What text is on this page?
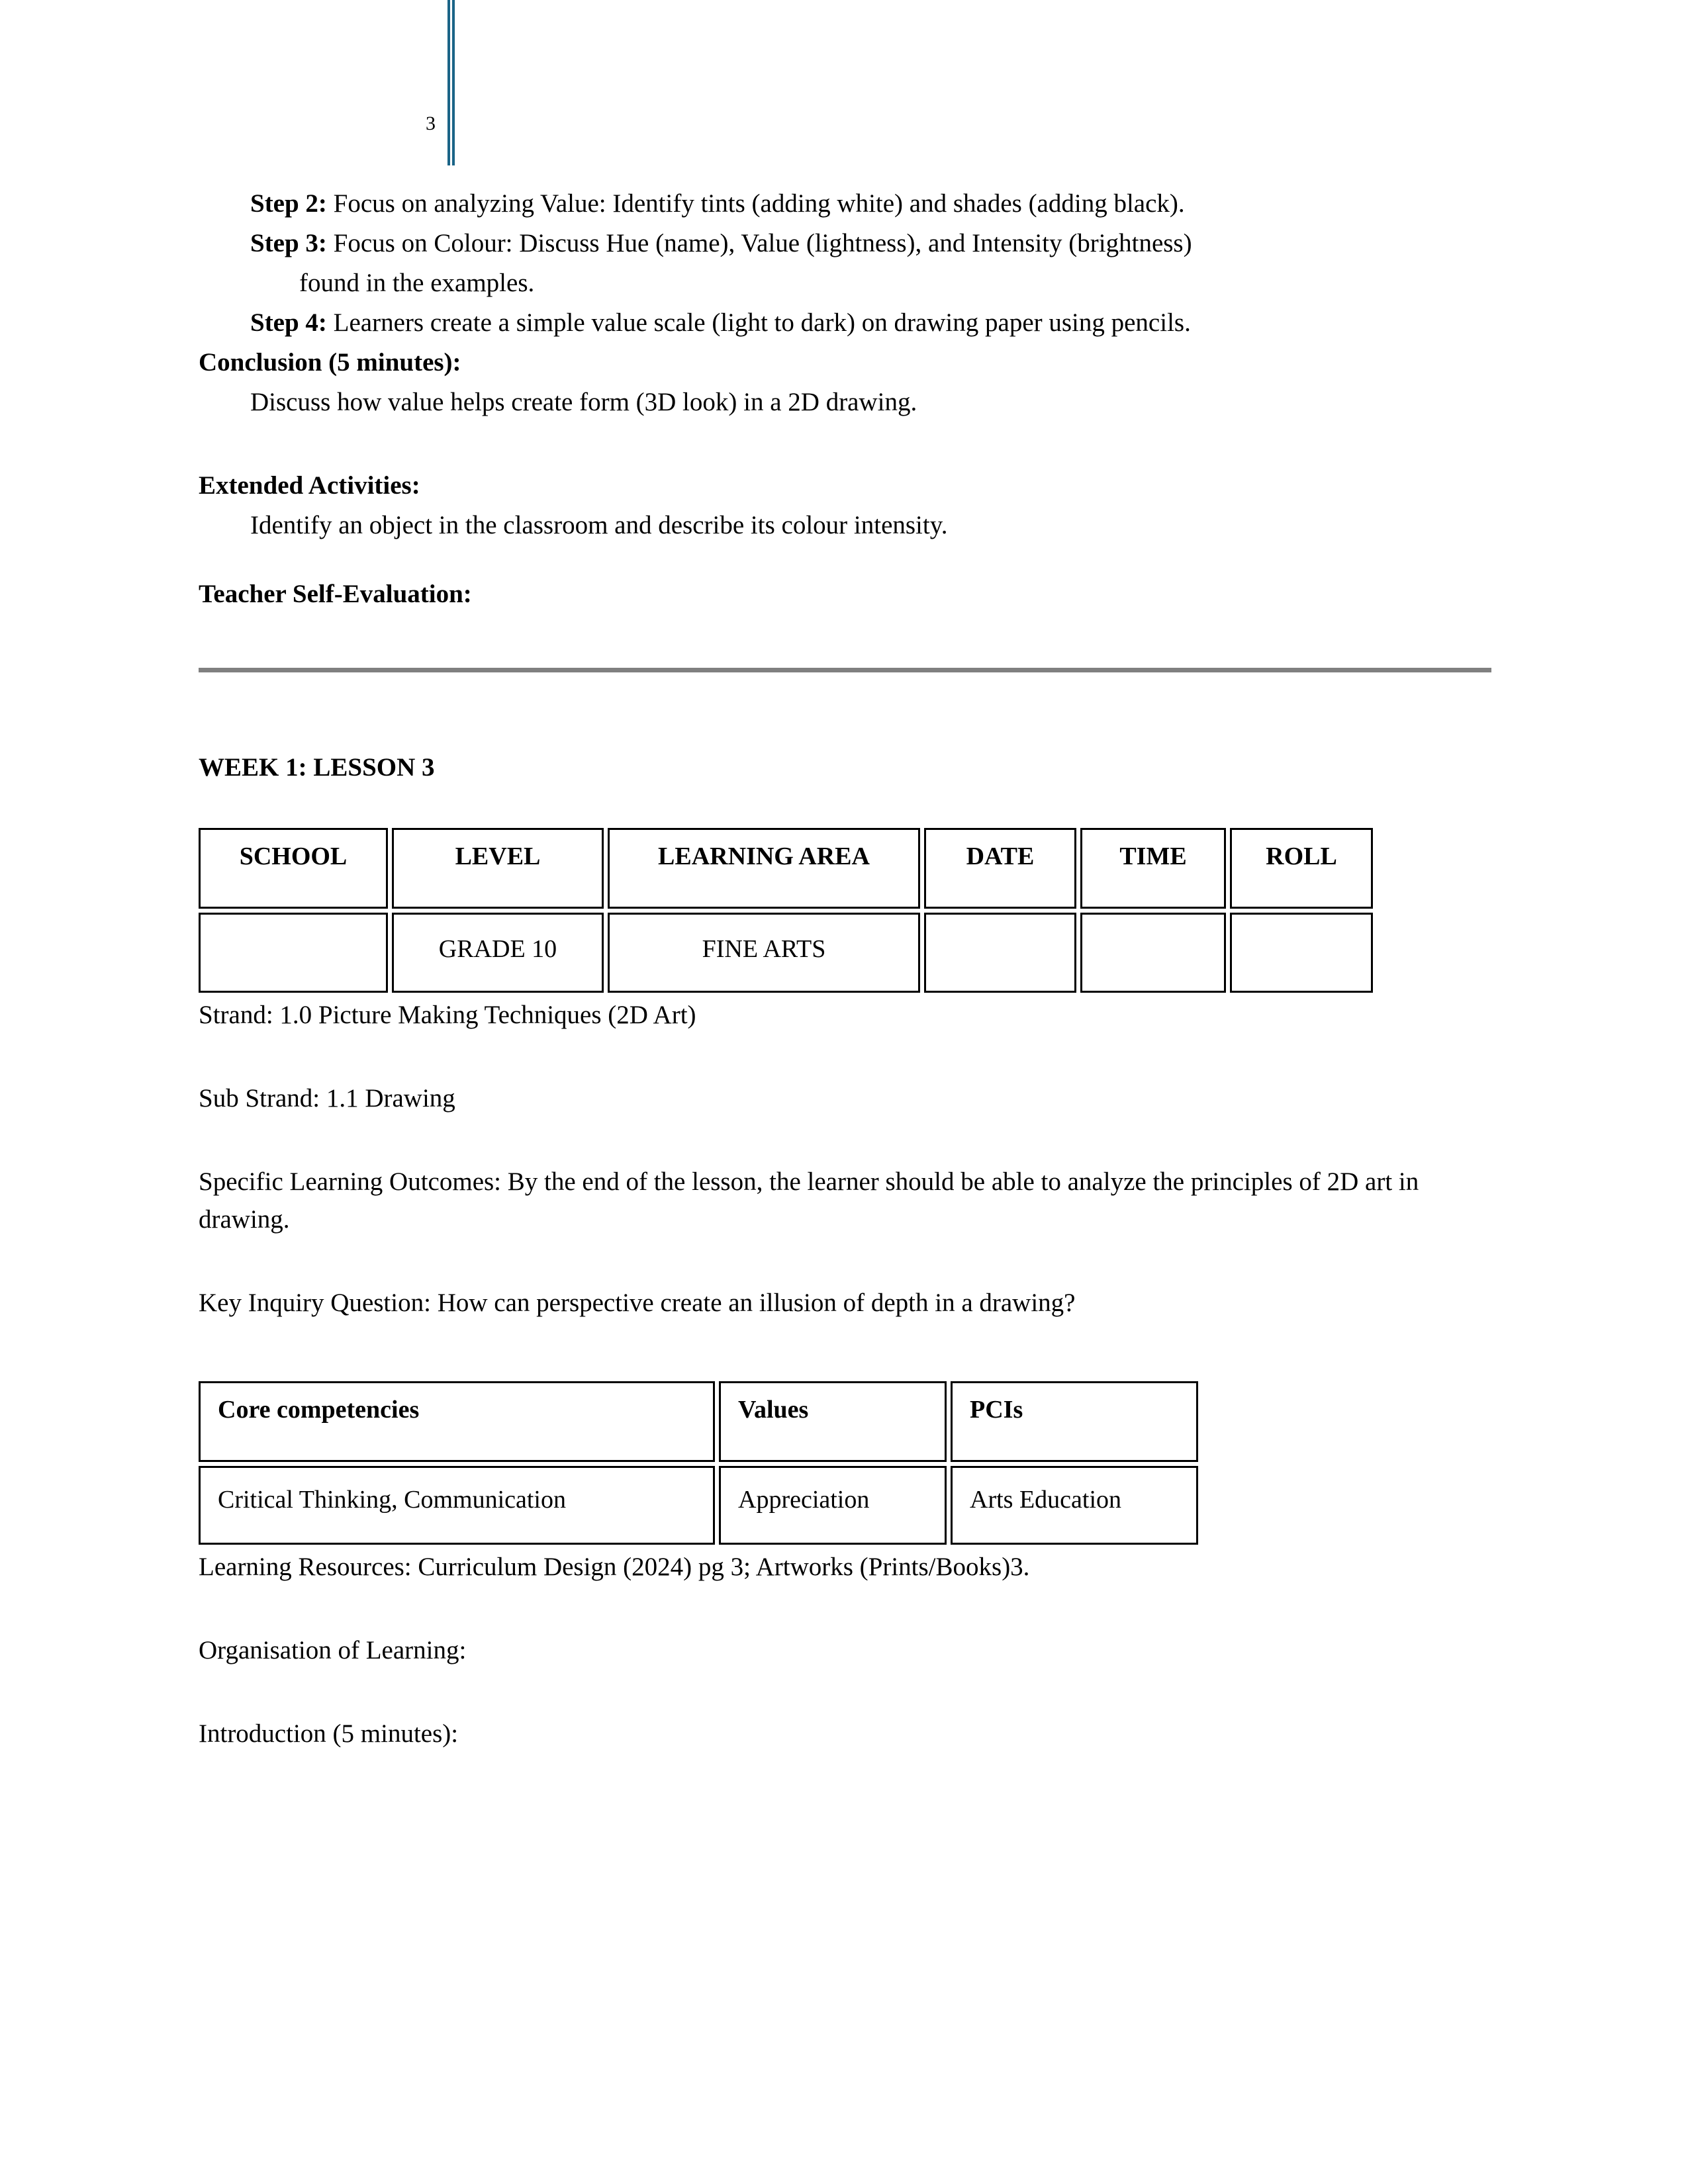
3

Step 2: Focus on analyzing Value: Identify tints (adding white) and shades (adding black).

Step 3: Focus on Colour: Discuss Hue (name), Value (lightness), and Intensity (brightness)

found in the examples.

Step 4: Learners create a simple value scale (light to dark) on drawing paper using pencils.

Conclusion (5 minutes):

Discuss how value helps create form (3D look) in a 2D drawing.

Extended Activities:

Identify an object in the classroom and describe its colour intensity.

Teacher Self-Evaluation:

WEEK 1: LESSON 3

SCHOOL	LEVEL	LEARNING AREA	DATE	TIME	ROLL
	GRADE 10	FINE ARTS			

Strand: 1.0 Picture Making Techniques (2D Art)

Sub Strand: 1.1 Drawing

Specific Learning Outcomes: By the end of the lesson, the learner should be able to analyze the principles of 2D art in drawing.

Key Inquiry Question: How can perspective create an illusion of depth in a drawing?

Core competencies	Values	PCIs
Critical Thinking, Communication	Appreciation	Arts Education

Learning Resources: Curriculum Design (2024) pg 3; Artworks (Prints/Books)3.

Organisation of Learning:

Introduction (5 minutes):
